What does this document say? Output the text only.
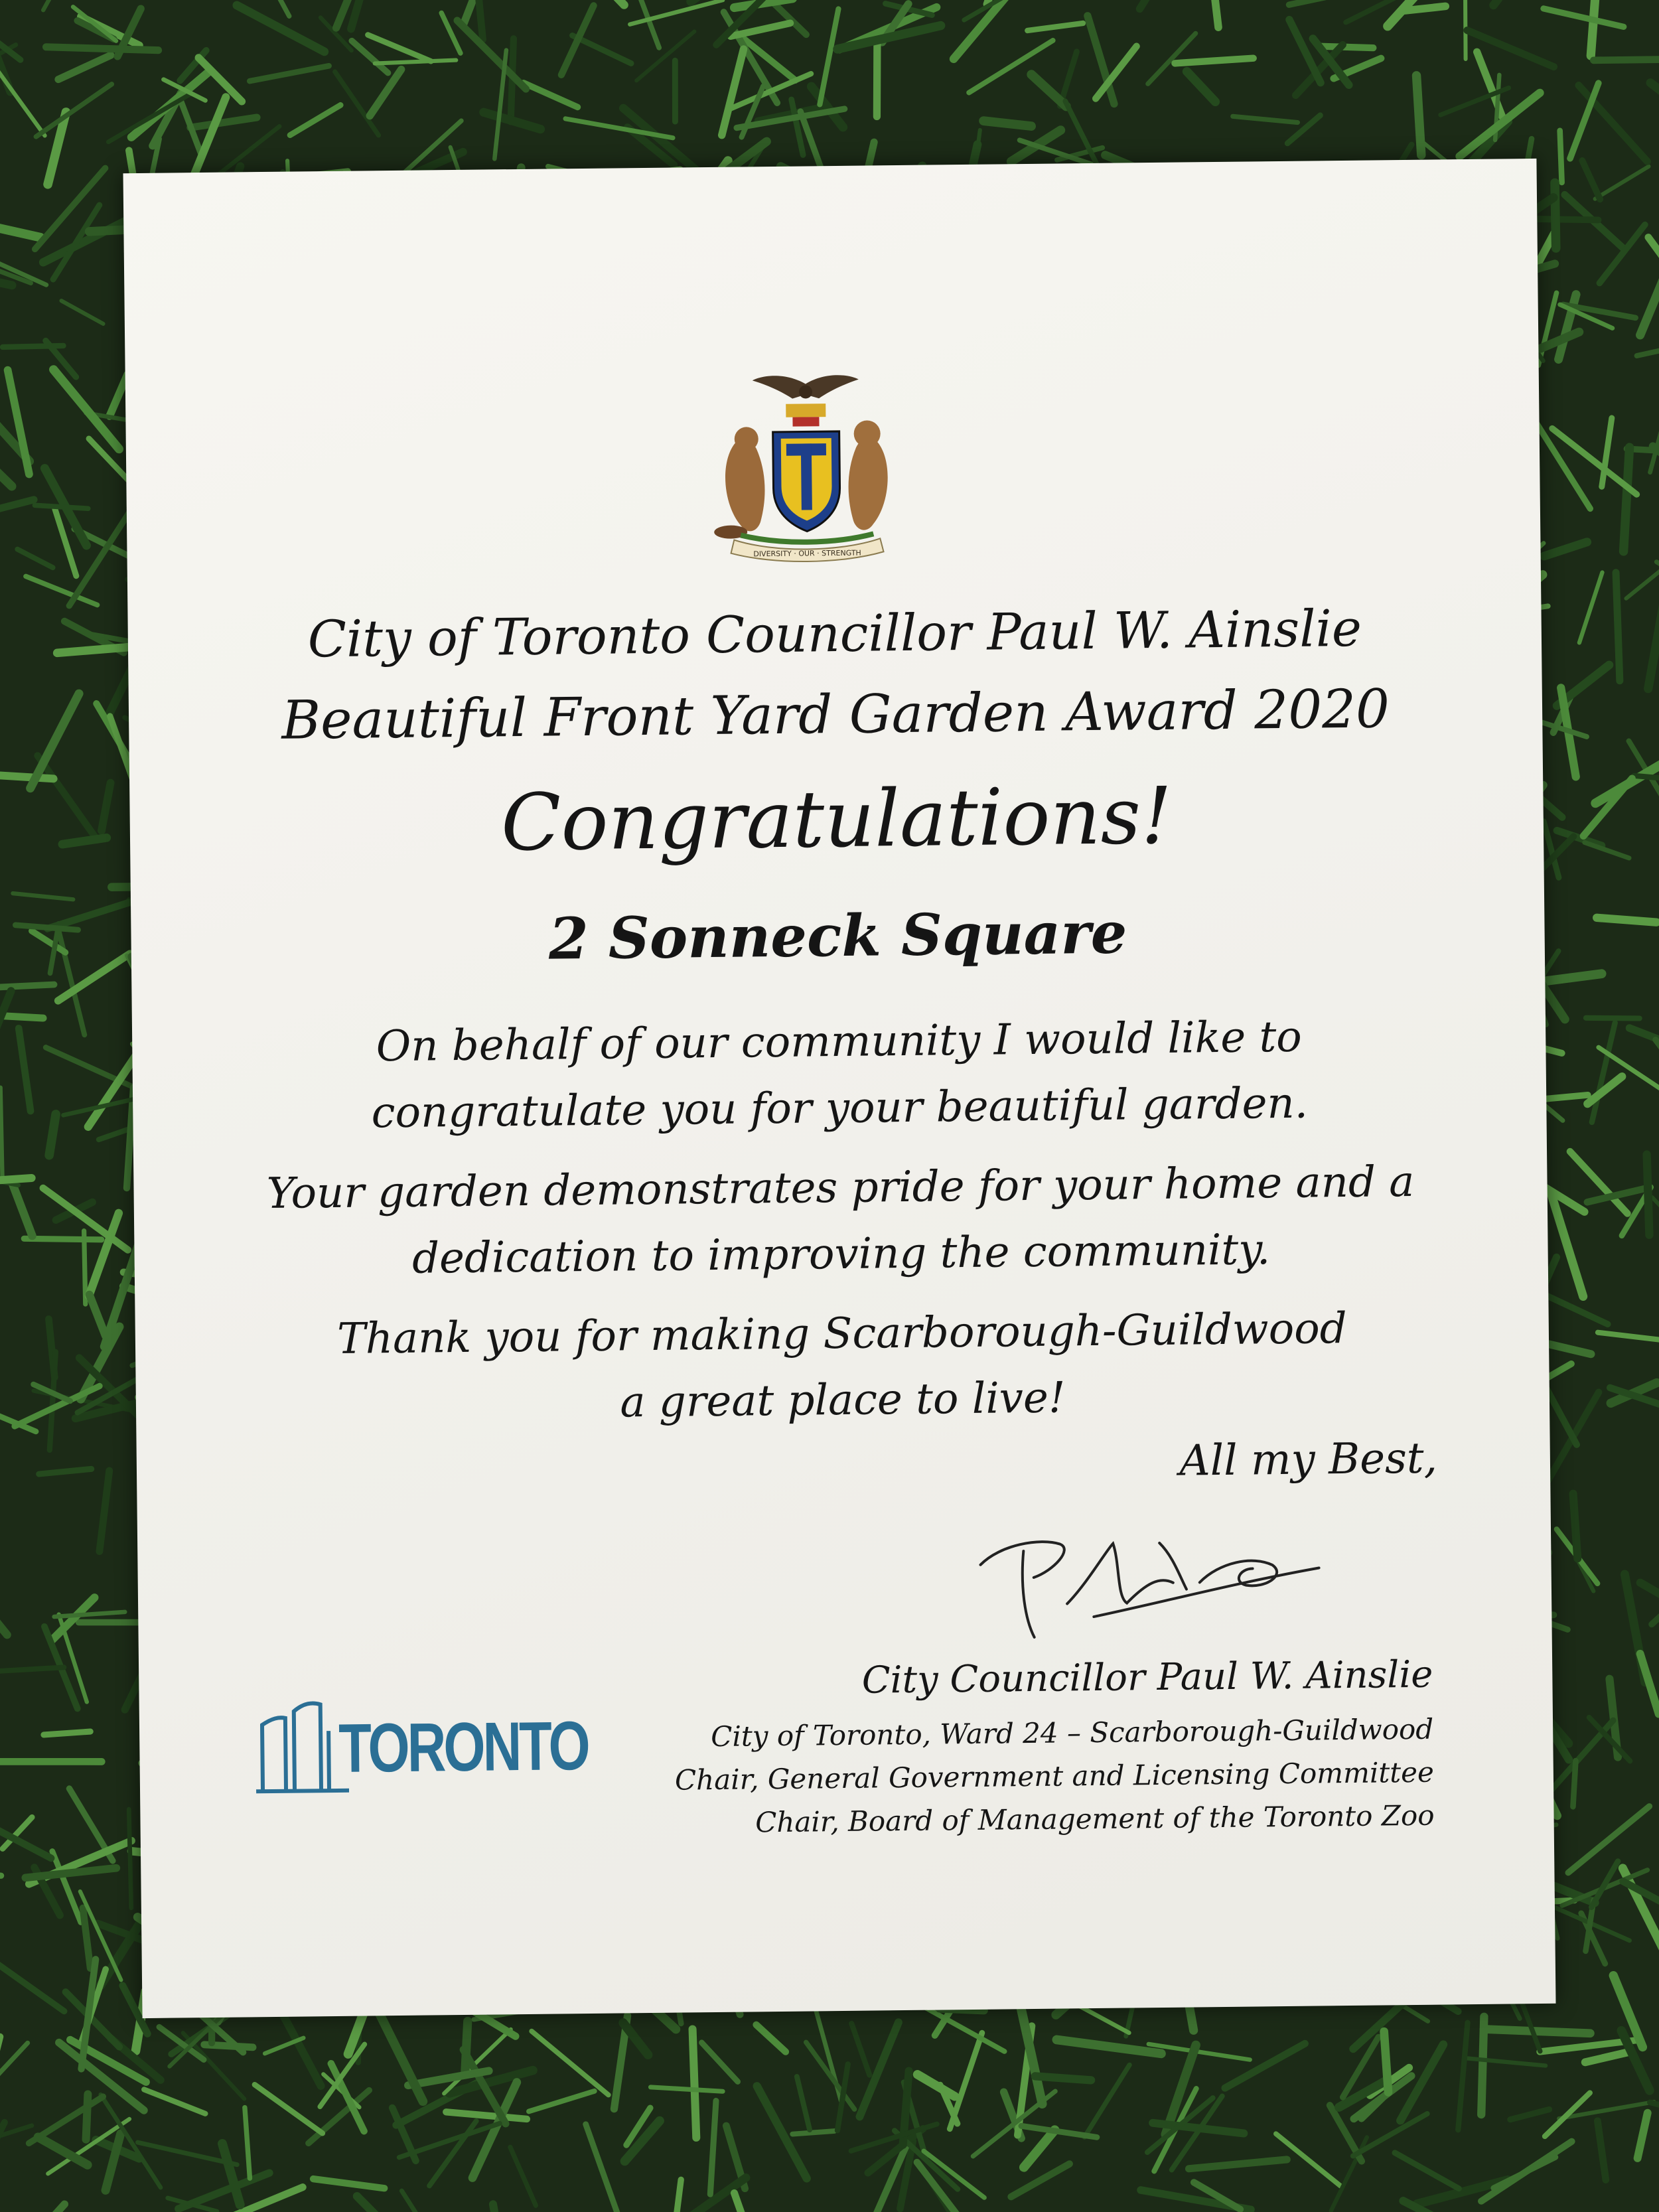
DIVERSITY · OUR · STRENGTH
City of Toronto Councillor Paul W. Ainslie
Beautiful Front Yard Garden Award 2020
Congratulations!
2 Sonneck Square
On behalf of our community I would like to
congratulate you for your beautiful garden.
Your garden demonstrates pride for your home and a
dedication to improving the community.
Thank you for making Scarborough-Guildwood
a great place to live!
All my Best,
City Councillor Paul W. Ainslie
City of Toronto, Ward 24 – Scarborough-Guildwood
Chair, General Government and Licensing Committee
Chair, Board of Management of the Toronto Zoo
TORONTO
